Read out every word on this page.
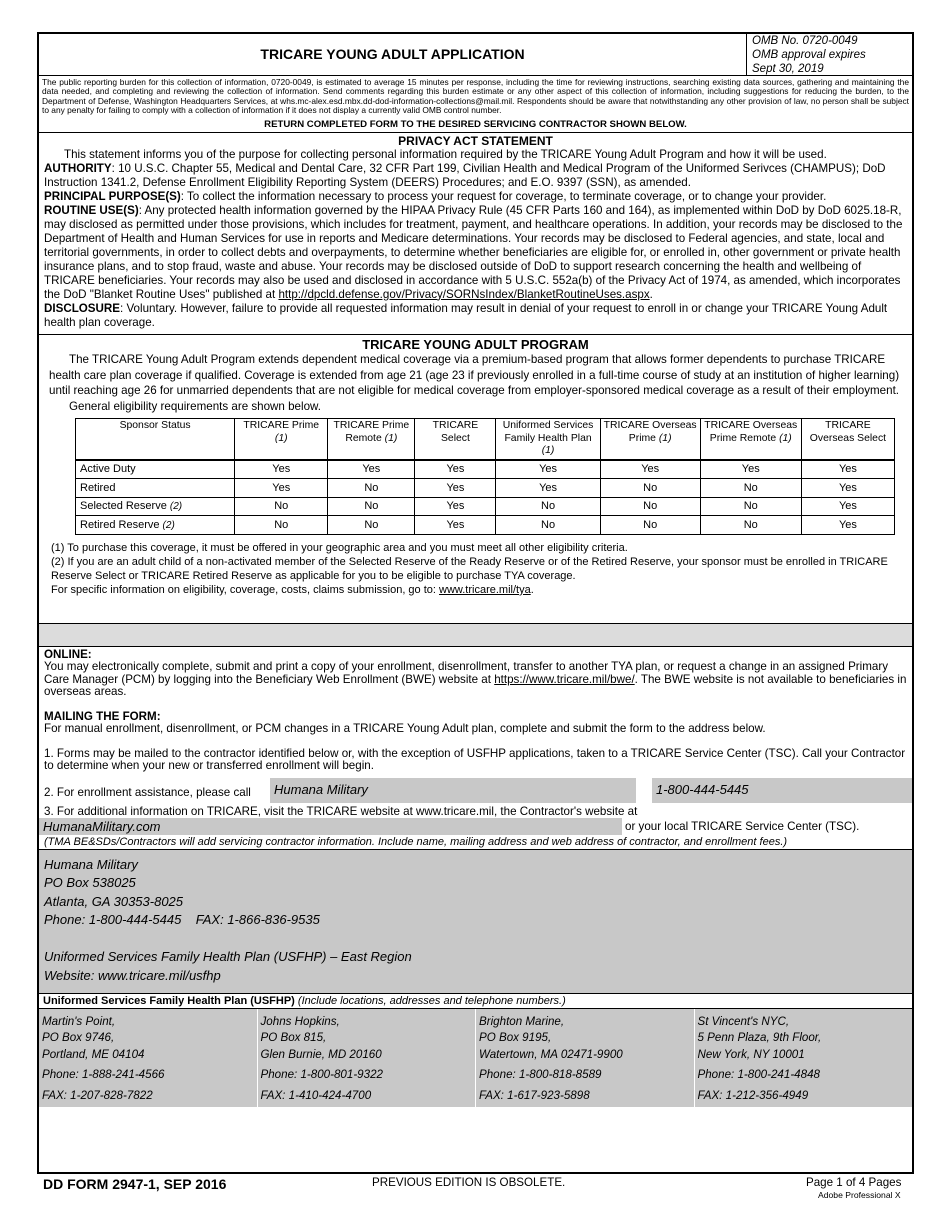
TRICARE YOUNG ADULT APPLICATION
OMB No. 0720-0049
OMB approval expires
Sept 30, 2019
The public reporting burden for this collection of information, 0720-0049, is estimated to average 15 minutes per response, including the time for reviewing instructions, searching existing data sources, gathering and maintaining the data needed, and completing and reviewing the collection of information. Send comments regarding this burden estimate or any other aspect of this collection of information, including suggestions for reducing the burden, to the Department of Defense, Washington Headquarters Services, at whs.mc-alex.esd.mbx.dd-dod-information-collections@mail.mil. Respondents should be aware that notwithstanding any other provision of law, no person shall be subject to any penalty for failing to comply with a collection of information if it does not display a currently valid OMB control number.
RETURN COMPLETED FORM TO THE DESIRED SERVICING CONTRACTOR SHOWN BELOW.
PRIVACY ACT STATEMENT

This statement informs you of the purpose for collecting personal information required by the TRICARE Young Adult Program and how it will be used.

AUTHORITY: 10 U.S.C. Chapter 55, Medical and Dental Care, 32 CFR Part 199, Civilian Health and Medical Program of the Uniformed Serivces (CHAMPUS); DoD Instruction 1341.2, Defense Enrollment Eligibility Reporting System (DEERS) Procedures; and E.O. 9397 (SSN), as amended.

PRINCIPAL PURPOSE(S): To collect the information necessary to process your request for coverage, to terminate coverage, or to change your provider.

ROUTINE USE(S): Any protected health information governed by the HIPAA Privacy Rule (45 CFR Parts 160 and 164), as implemented within DoD by DoD 6025.18-R, may disclosed as permitted under those provisions, which includes for treatment, payment, and healthcare operations. In addition, your records may be disclosed to the Department of Health and Human Services for use in reports and Medicare determinations. Your records may be disclosed to Federal agencies, and state, local and territorial governments, in order to collect debts and overpayments, to determine whether beneficiaries are eligible for, or enrolled in, other government or private health insurance plans, and to stop fraud, waste and abuse. Your records may be disclosed outside of DoD to support research concerning the health and wellbeing of TRICARE beneficiaries. Your records may also be used and disclosed in accordance with 5 U.S.C. 552a(b) of the Privacy Act of 1974, as amended, which incorporates the DoD "Blanket Routine Uses" published at http://dpcld.defense.gov/Privacy/SORNsIndex/BlanketRoutineUses.aspx.

DISCLOSURE: Voluntary. However, failure to provide all requested information may result in denial of your request to enroll in or change your TRICARE Young Adult health plan coverage.

TRICARE YOUNG ADULT PROGRAM

The TRICARE Young Adult Program extends dependent medical coverage via a premium-based program that allows former dependents to purchase TRICARE health care plan coverage if qualified. Coverage is extended from age 21 (age 23 if previously enrolled in a full-time course of study at an institution of higher learning) until reaching age 26 for unmarried dependents that are not eligible for medical coverage from employer-sponsored medical coverage as a result of their employment.

General eligibility requirements are shown below.

Sponsor Status	TRICARE Prime (1)	TRICARE Prime Remote (1)	TRICARE Select	Uniformed Services Family Health Plan (1)	TRICARE Overseas Prime (1)	TRICARE Overseas Prime Remote (1)	TRICARE Overseas Select
Active Duty	Yes	Yes	Yes	Yes	Yes	Yes	Yes
Retired	Yes	No	Yes	Yes	No	No	Yes
Selected Reserve (2)	No	No	Yes	No	No	No	Yes
Retired Reserve (2)	No	No	Yes	No	No	No	Yes
(1) To purchase this coverage, it must be offered in your geographic area and you must meet all other eligibility criteria.
(2) If you are an adult child of a non-activated member of the Selected Reserve of the Ready Reserve or of the Retired Reserve, your sponsor must be enrolled in TRICARE Reserve Select or TRICARE Retired Reserve as applicable for you to be eligible to purchase TYA coverage.
For specific information on eligibility, coverage, costs, claims submission, go to: www.tricare.mil/tya.
ONLINE:
You may electronically complete, submit and print a copy of your enrollment, disenrollment, transfer to another TYA plan, or request a change in an assigned Primary Care Manager (PCM) by logging into the Beneficiary Web Enrollment (BWE) website at https://www.tricare.mil/bwe/. The BWE website is not available to beneficiaries in overseas areas.
MAILING THE FORM:
For manual enrollment, disenrollment, or PCM changes in a TRICARE Young Adult plan, complete and submit the form to the address below.
1. Forms may be mailed to the contractor identified below or, with the exception of USFHP applications, taken to a TRICARE Service Center (TSC). Call your Contractor to determine when your new or transferred enrollment will begin.
2. For enrollment assistance, please call	Humana Military	1-800-444-5445
3. For additional information on TRICARE, visit the TRICARE website at www.tricare.mil, the Contractor's website at
HumanaMilitary.com	or your local TRICARE Service Center (TSC).
(TMA BE&SDs/Contractors will add servicing contractor information. Include name, mailing address and web address of contractor, and enrollment fees.)
Humana Military
PO Box 538025
Atlanta, GA 30353-8025
Phone: 1-800-444-5445    FAX: 1-866-836-9535
Uniformed Services Family Health Plan (USFHP) – East Region
Website: www.tricare.mil/usfhp
Uniformed Services Family Health Plan (USFHP) (Include locations, addresses and telephone numbers.)
Martin's Point,
PO Box 9746,
Portland, ME 04104
Phone: 1-888-241-4566
FAX: 1-207-828-7822
Johns Hopkins,
PO Box 815,
Glen Burnie, MD 20160
Phone: 1-800-801-9322
FAX: 1-410-424-4700
Brighton Marine,
PO Box 9195,
Watertown, MA 02471-9900
Phone: 1-800-818-8589
FAX: 1-617-923-5898
St Vincent's NYC,
5 Penn Plaza, 9th Floor,
New York, NY 10001
Phone: 1-800-241-4848
FAX: 1-212-356-4949
DD FORM 2947-1, SEP 2016	PREVIOUS EDITION IS OBSOLETE.	Page 1 of 4 Pages
Adobe Professional X
